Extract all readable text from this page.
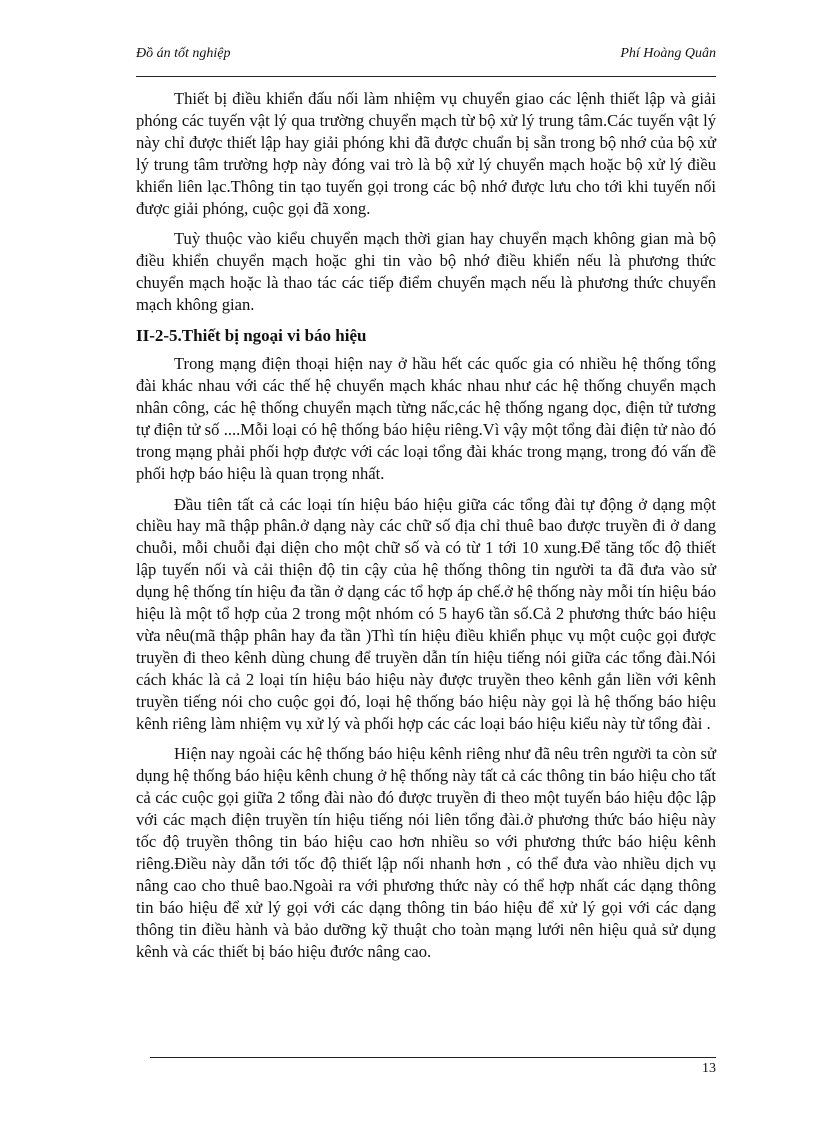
Đồ án tốt nghiệp	Phí Hoàng Quân

Thiết bị điều khiển đấu nối làm nhiệm vụ chuyển giao các lệnh thiết lập và giải phóng các tuyến vật lý qua trường chuyển mạch từ bộ xử lý trung tâm.Các tuyến vật lý này chỉ được thiết lập hay giải phóng khi đã được chuẩn bị sẵn trong bộ nhớ của bộ xử lý trung tâm trường hợp này đóng vai trò là bộ xử lý chuyển mạch hoặc bộ xử lý điều khiển liên lạc.Thông tin tạo tuyến gọi trong các bộ nhớ được lưu cho tới khi tuyến nối được giải phóng, cuộc gọi đã xong.

Tuỳ thuộc vào kiểu chuyển mạch thời gian hay chuyển mạch không gian mà bộ điều khiển chuyển mạch hoặc ghi tin vào bộ nhớ điều khiển nếu là phương thức chuyển mạch hoặc là thao tác các tiếp điểm chuyển mạch nếu là phương thức chuyển mạch không gian.

II-2-5.Thiết bị ngoại vi báo hiệu

Trong mạng điện thoại hiện nay ở hầu hết các quốc gia có nhiều hệ thống tổng đài khác nhau với các thế hệ chuyển mạch khác nhau như các hệ thống chuyển mạch nhân công, các hệ thống chuyển mạch từng nấc,các hệ thống ngang dọc, điện tử tương tự điện tử số ....Mỗi loại có hệ thống báo hiệu riêng.Vì vậy một tổng đài điện tử nào đó trong mạng phải phối hợp được với các loại tổng đài khác trong mạng, trong đó vấn đề phối hợp báo hiệu là quan trọng nhất.

Đầu tiên tất cả các loại tín hiệu báo hiệu giữa các tổng đài tự động ở dạng một chiều hay mã thập phân.ở dạng này các chữ số địa chỉ thuê bao được truyền đi ở dang chuỗi, mỗi chuỗi đại diện cho một chữ số và có từ 1 tới 10 xung.Để tăng tốc độ thiết lập tuyến nối và cải thiện độ tin cậy của hệ thống thông tin người ta đã đưa vào sử dụng hệ thống tín hiệu đa tần ở dạng các tổ hợp áp chế.ở hệ thống này mỗi tín hiệu báo hiệu là một tổ hợp của 2 trong một nhóm có 5 hay6 tần số.Cả 2 phương thức báo hiệu vừa nêu(mã thập phân hay đa tần )Thì tín hiệu điều khiển phục vụ một cuộc gọi được truyền đi theo kênh dùng chung để truyền dẫn tín hiệu tiếng nói giữa các tổng đài.Nói cách khác là cả 2 loại tín hiệu báo hiệu này được truyền theo kênh gắn liền với kênh truyền tiếng nói cho cuộc gọi đó, loại hệ thống báo hiệu này gọi là hệ thống báo hiệu kênh riêng làm nhiệm vụ xử lý và phối hợp các các loại báo hiệu kiểu này từ tổng đài .

Hiện nay ngoài các hệ thống báo hiệu kênh riêng như đã nêu trên người ta còn sử dụng hệ thống báo hiệu kênh chung ở hệ thống này tất cả các thông tin báo hiệu cho tất cả các cuộc gọi giữa 2 tổng đài nào đó được truyền đi theo một tuyến báo hiệu độc lập với các mạch điện truyền tín hiệu tiếng nói liên tổng đài.ở phương thức báo hiệu này tốc độ truyền thông tin báo hiệu cao hơn nhiều so với phương thức báo hiệu kênh riêng.Điều này dẫn tới tốc độ thiết lập nối nhanh hơn , có thể đưa vào nhiều dịch vụ nâng cao cho thuê bao.Ngoài ra với phương thức này có thể hợp nhất các dạng thông tin báo hiệu để xử lý gọi với các dạng thông tin báo hiệu để xử lý gọi với các dạng thông tin điều hành và bảo dưỡng kỹ thuật cho toàn mạng lưới nên hiệu quả sử dụng kênh và các thiết bị báo hiệu đước nâng cao.

13
